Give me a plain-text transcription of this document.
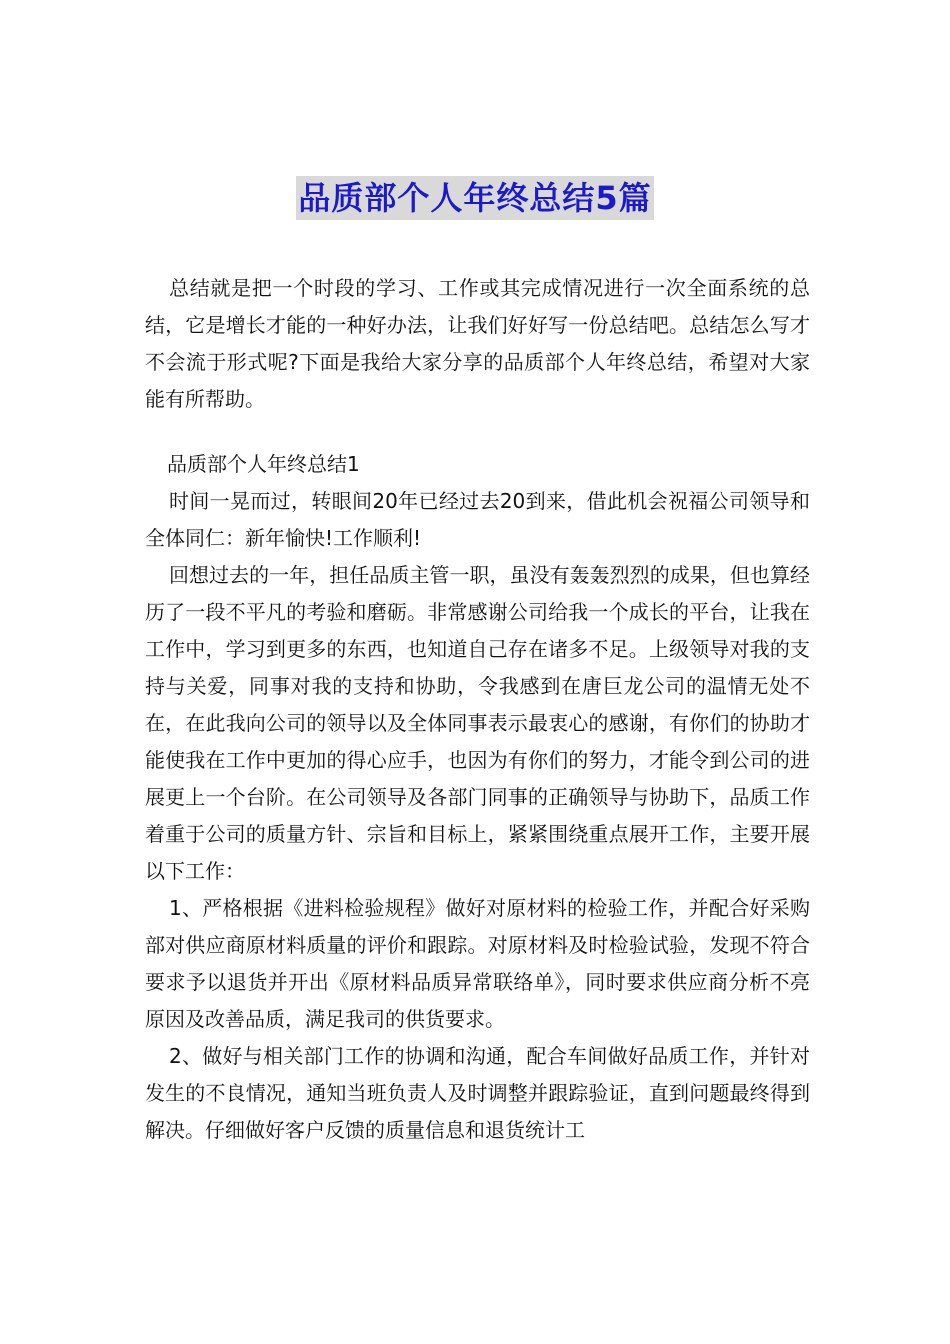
品质部个人年终总结5篇

总结就是把一个时段的学习、工作或其完成情况进行一次全面系统的总结，它是增长才能的一种好办法，让我们好好写一份总结吧。总结怎么写才不会流于形式呢?下面是我给大家分享的品质部个人年终总结，希望对大家能有所帮助。

品质部个人年终总结1

时间一晃而过，转眼间20年已经过去20到来，借此机会祝福公司领导和全体同仁：新年愉快!工作顺利!

回想过去的一年，担任品质主管一职，虽没有轰轰烈烈的成果，但也算经历了一段不平凡的考验和磨砺。非常感谢公司给我一个成长的平台，让我在工作中，学习到更多的东西，也知道自己存在诸多不足。上级领导对我的支持与关爱，同事对我的支持和协助，令我感到在唐巨龙公司的温情无处不在，在此我向公司的领导以及全体同事表示最衷心的感谢，有你们的协助才能使我在工作中更加的得心应手，也因为有你们的努力，才能令到公司的进展更上一个台阶。在公司领导及各部门同事的正确领导与协助下，品质工作着重于公司的质量方针、宗旨和目标上，紧紧围绕重点展开工作，主要开展以下工作：

1、严格根据《进料检验规程》做好对原材料的检验工作，并配合好采购部对供应商原材料质量的评价和跟踪。对原材料及时检验试验，发现不符合要求予以退货并开出《原材料品质异常联络单》，同时要求供应商分析不亮原因及改善品质，满足我司的供货要求。

2、做好与相关部门工作的协调和沟通，配合车间做好品质工作，并针对发生的不良情况，通知当班负责人及时调整并跟踪验证，直到问题最终得到解决。仔细做好客户反馈的质量信息和退货统计工
